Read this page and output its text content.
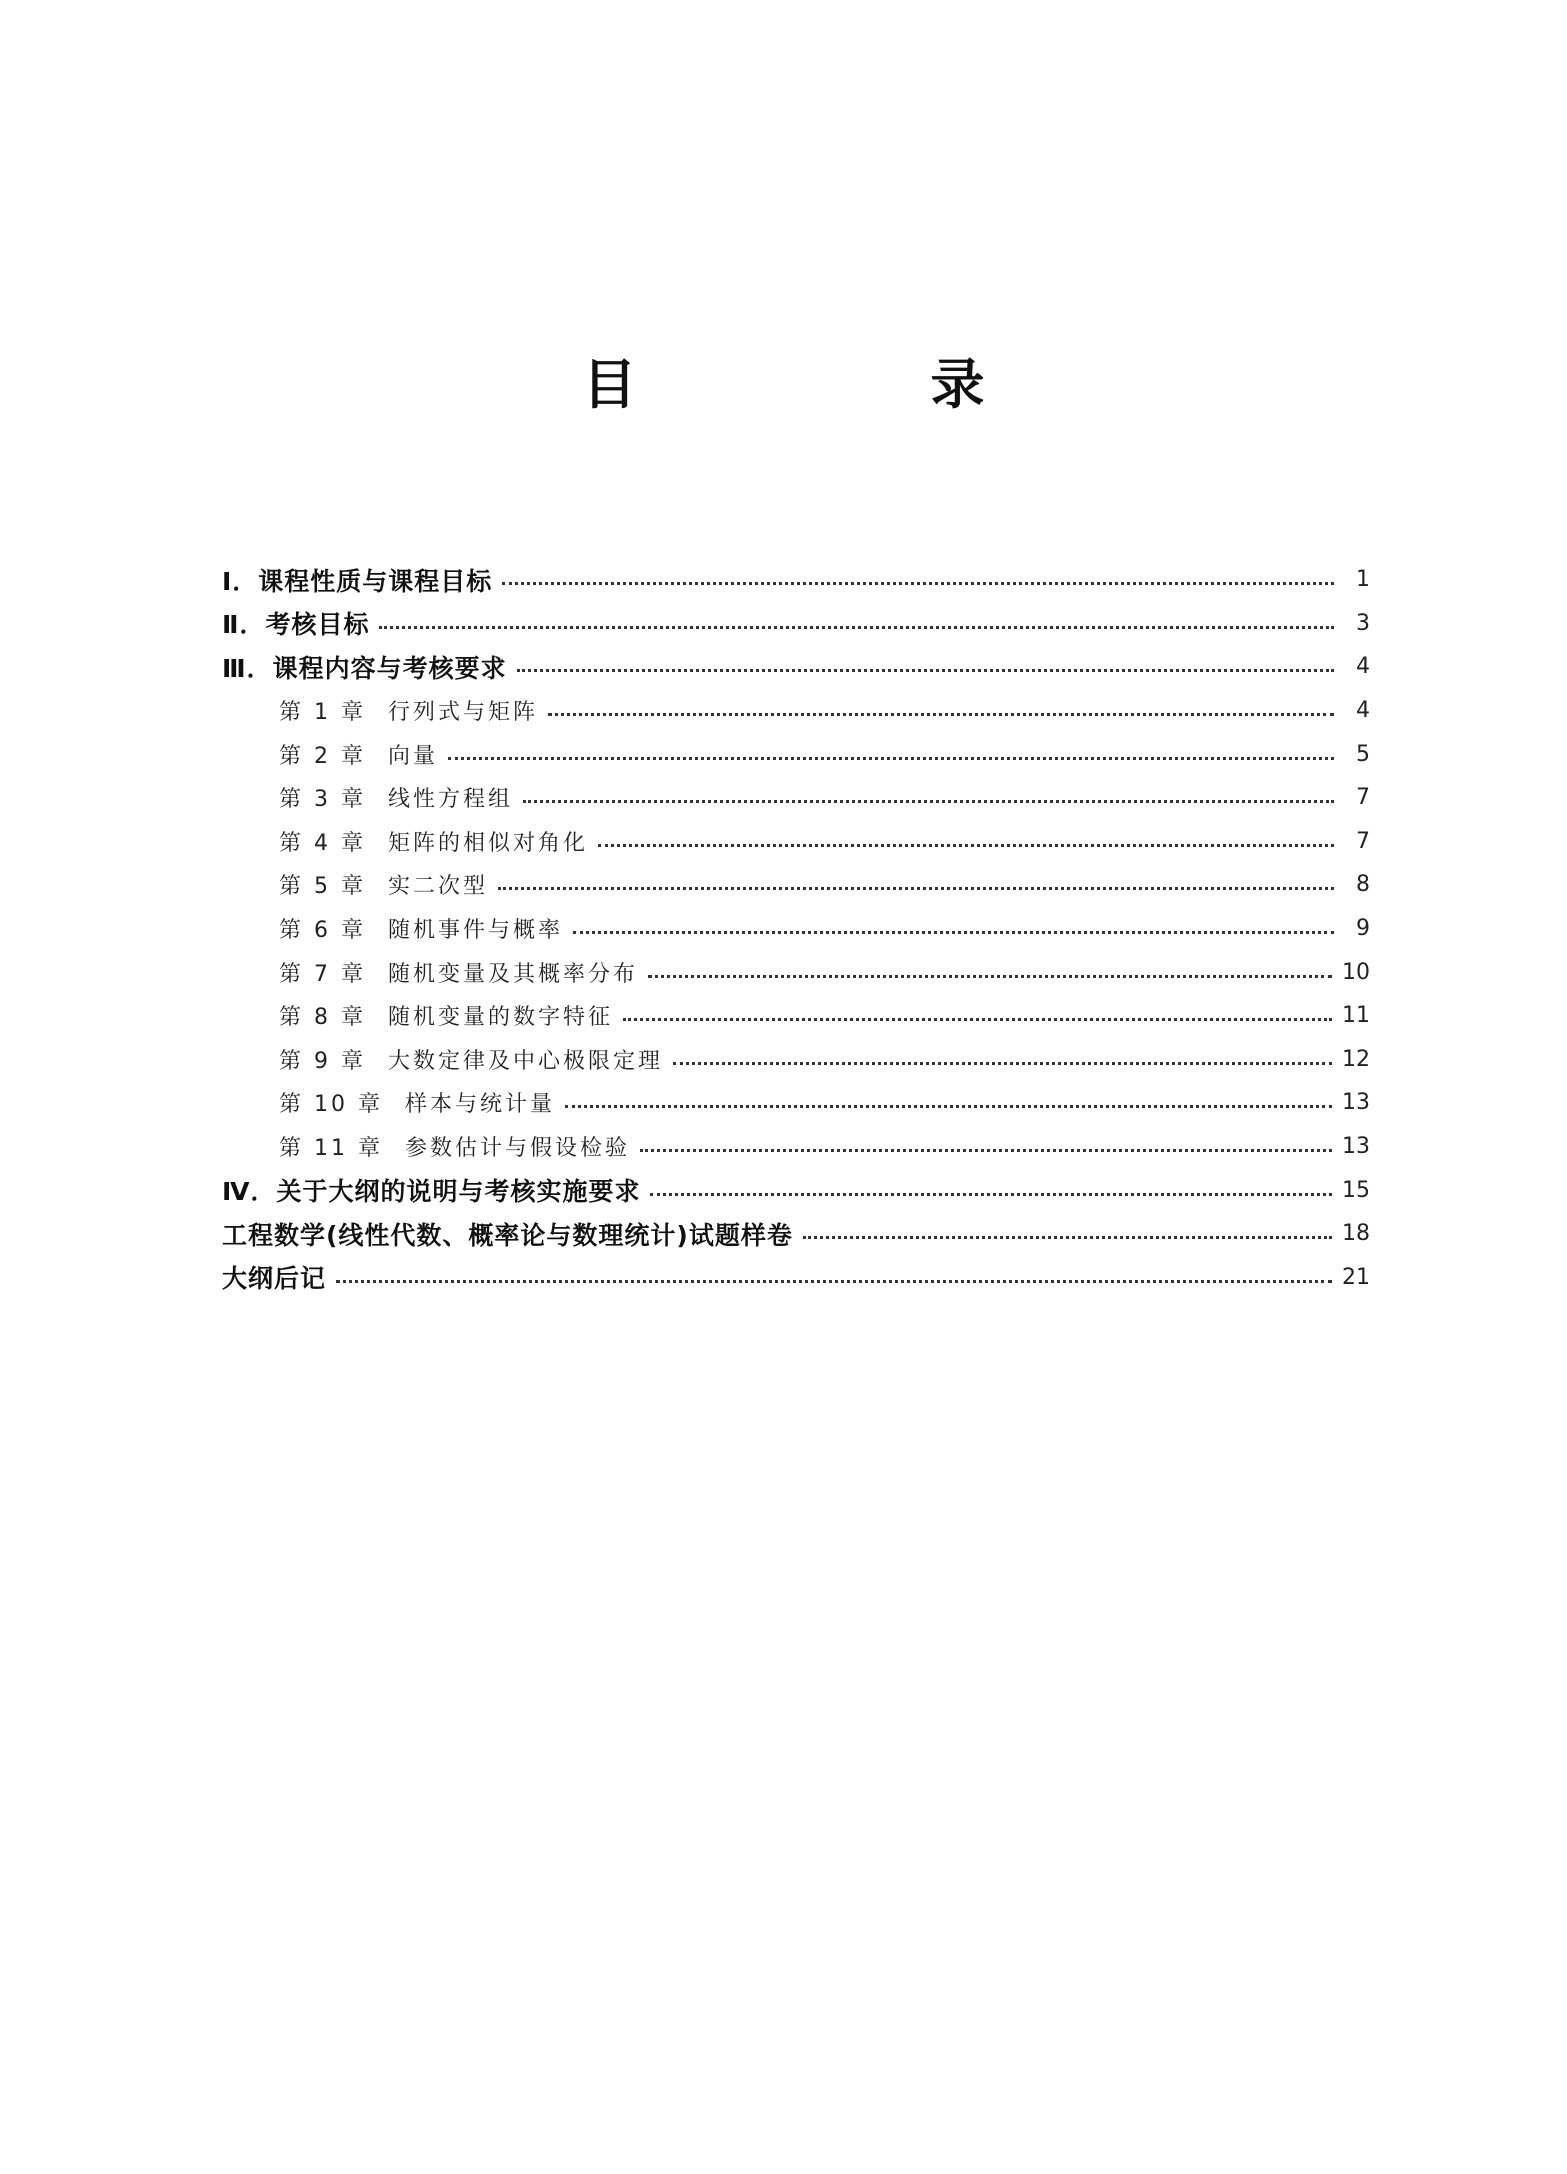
目　录
Ⅰ．课程性质与课程目标	1
Ⅱ．考核目标	3
Ⅲ．课程内容与考核要求	4
第 1 章 行列式与矩阵	4
第 2 章 向量	5
第 3 章 线性方程组	7
第 4 章 矩阵的相似对角化	7
第 5 章 实二次型	8
第 6 章 随机事件与概率	9
第 7 章 随机变量及其概率分布	10
第 8 章 随机变量的数字特征	11
第 9 章 大数定律及中心极限定理	12
第 10 章 样本与统计量	13
第 11 章 参数估计与假设检验	13
Ⅳ．关于大纲的说明与考核实施要求	15
工程数学(线性代数、概率论与数理统计)试题样卷	18
大纲后记	21
